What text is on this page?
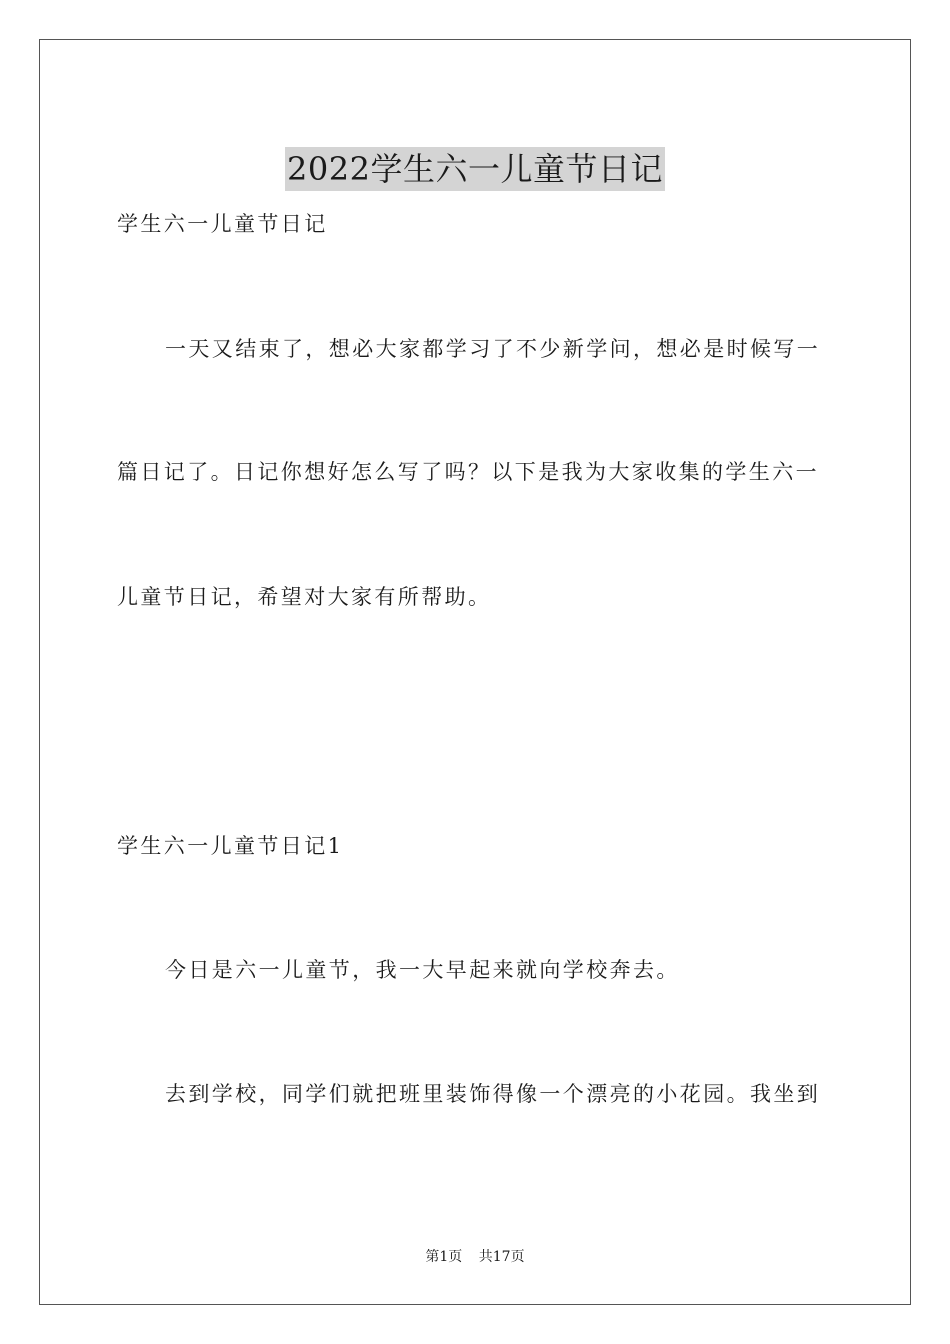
2022学生六一儿童节日记
学生六一儿童节日记
一天又结束了，想必大家都学习了不少新学问，想必是时候写一
篇日记了。日记你想好怎么写了吗？以下是我为大家收集的学生六一
儿童节日记，希望对大家有所帮助。
学生六一儿童节日记1
今日是六一儿童节，我一大早起来就向学校奔去。
去到学校，同学们就把班里装饰得像一个漂亮的小花园。我坐到
第1页 共17页
